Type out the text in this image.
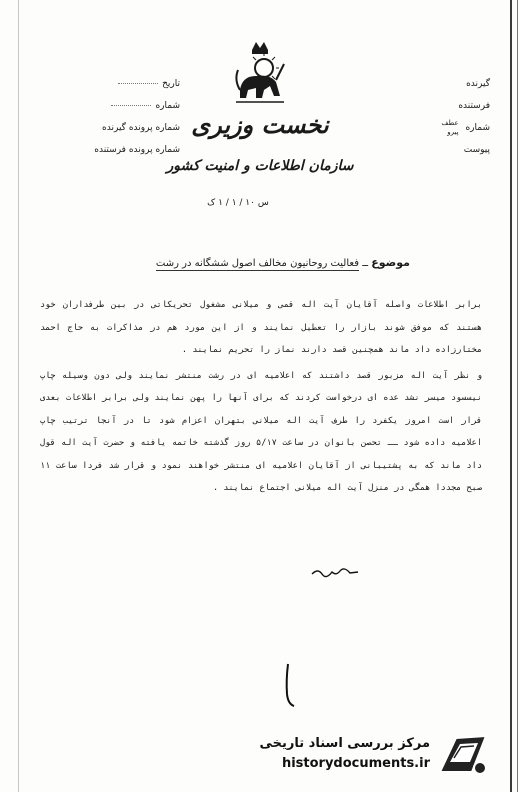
گیرنده
فرستنده
شماره عطف
پیرو
پیوست
تاریخ
شماره
شماره پرونده گیرنده
شماره پرونده فرستنده
نخست وزیری
سازمان اطلاعات و امنیت کشور
س ۱۰ / ۱ / ۱ ک
موضوع ــ فعالیت روحانیون مخالف اصول ششگانه در رشت

برابر اطلاعات واصله آقایان آیت اله قمی و میلانی مشغول تحریکاتی در بین طرفداران خود هستند که موفق شوند بازار را تعطیل نمایند و از این مورد هم در مذاکرات به حاج احمد مختارزاده داد ماند همچنین قصد دارند نماز را تحریم نمایند .

و نظر آیت اله مزبور قصد داشتند که اعلامیه ای در رشت منتشر نمایند ولی دون وسیله چاپ نیسسود میسر نشد عده ای درخواست کردند که برای آنها را پهن نمایند ولی برابر اطلاعات بعدی قرار است امروز یکفرد را طرف آیت اله میلانی بتهران اعزام شود تا در آنجا ترتیب چاپ اعلامیه داده شود ــ تحصن بانوان در ساعت ۵/۱۷ روز گذشته خاتمه یافته و حضرت آیت اله قول داد ماند که به پشتیبانی از آقایان اعلامیه ای منتشر خواهند نمود و قرار شد فردا ساعت ۱۱ صبح مجددا همگی در منزل آیت اله میلانی اجتماع نمایند .

مرکز بررسی اسناد تاریخی
historydocuments.ir
